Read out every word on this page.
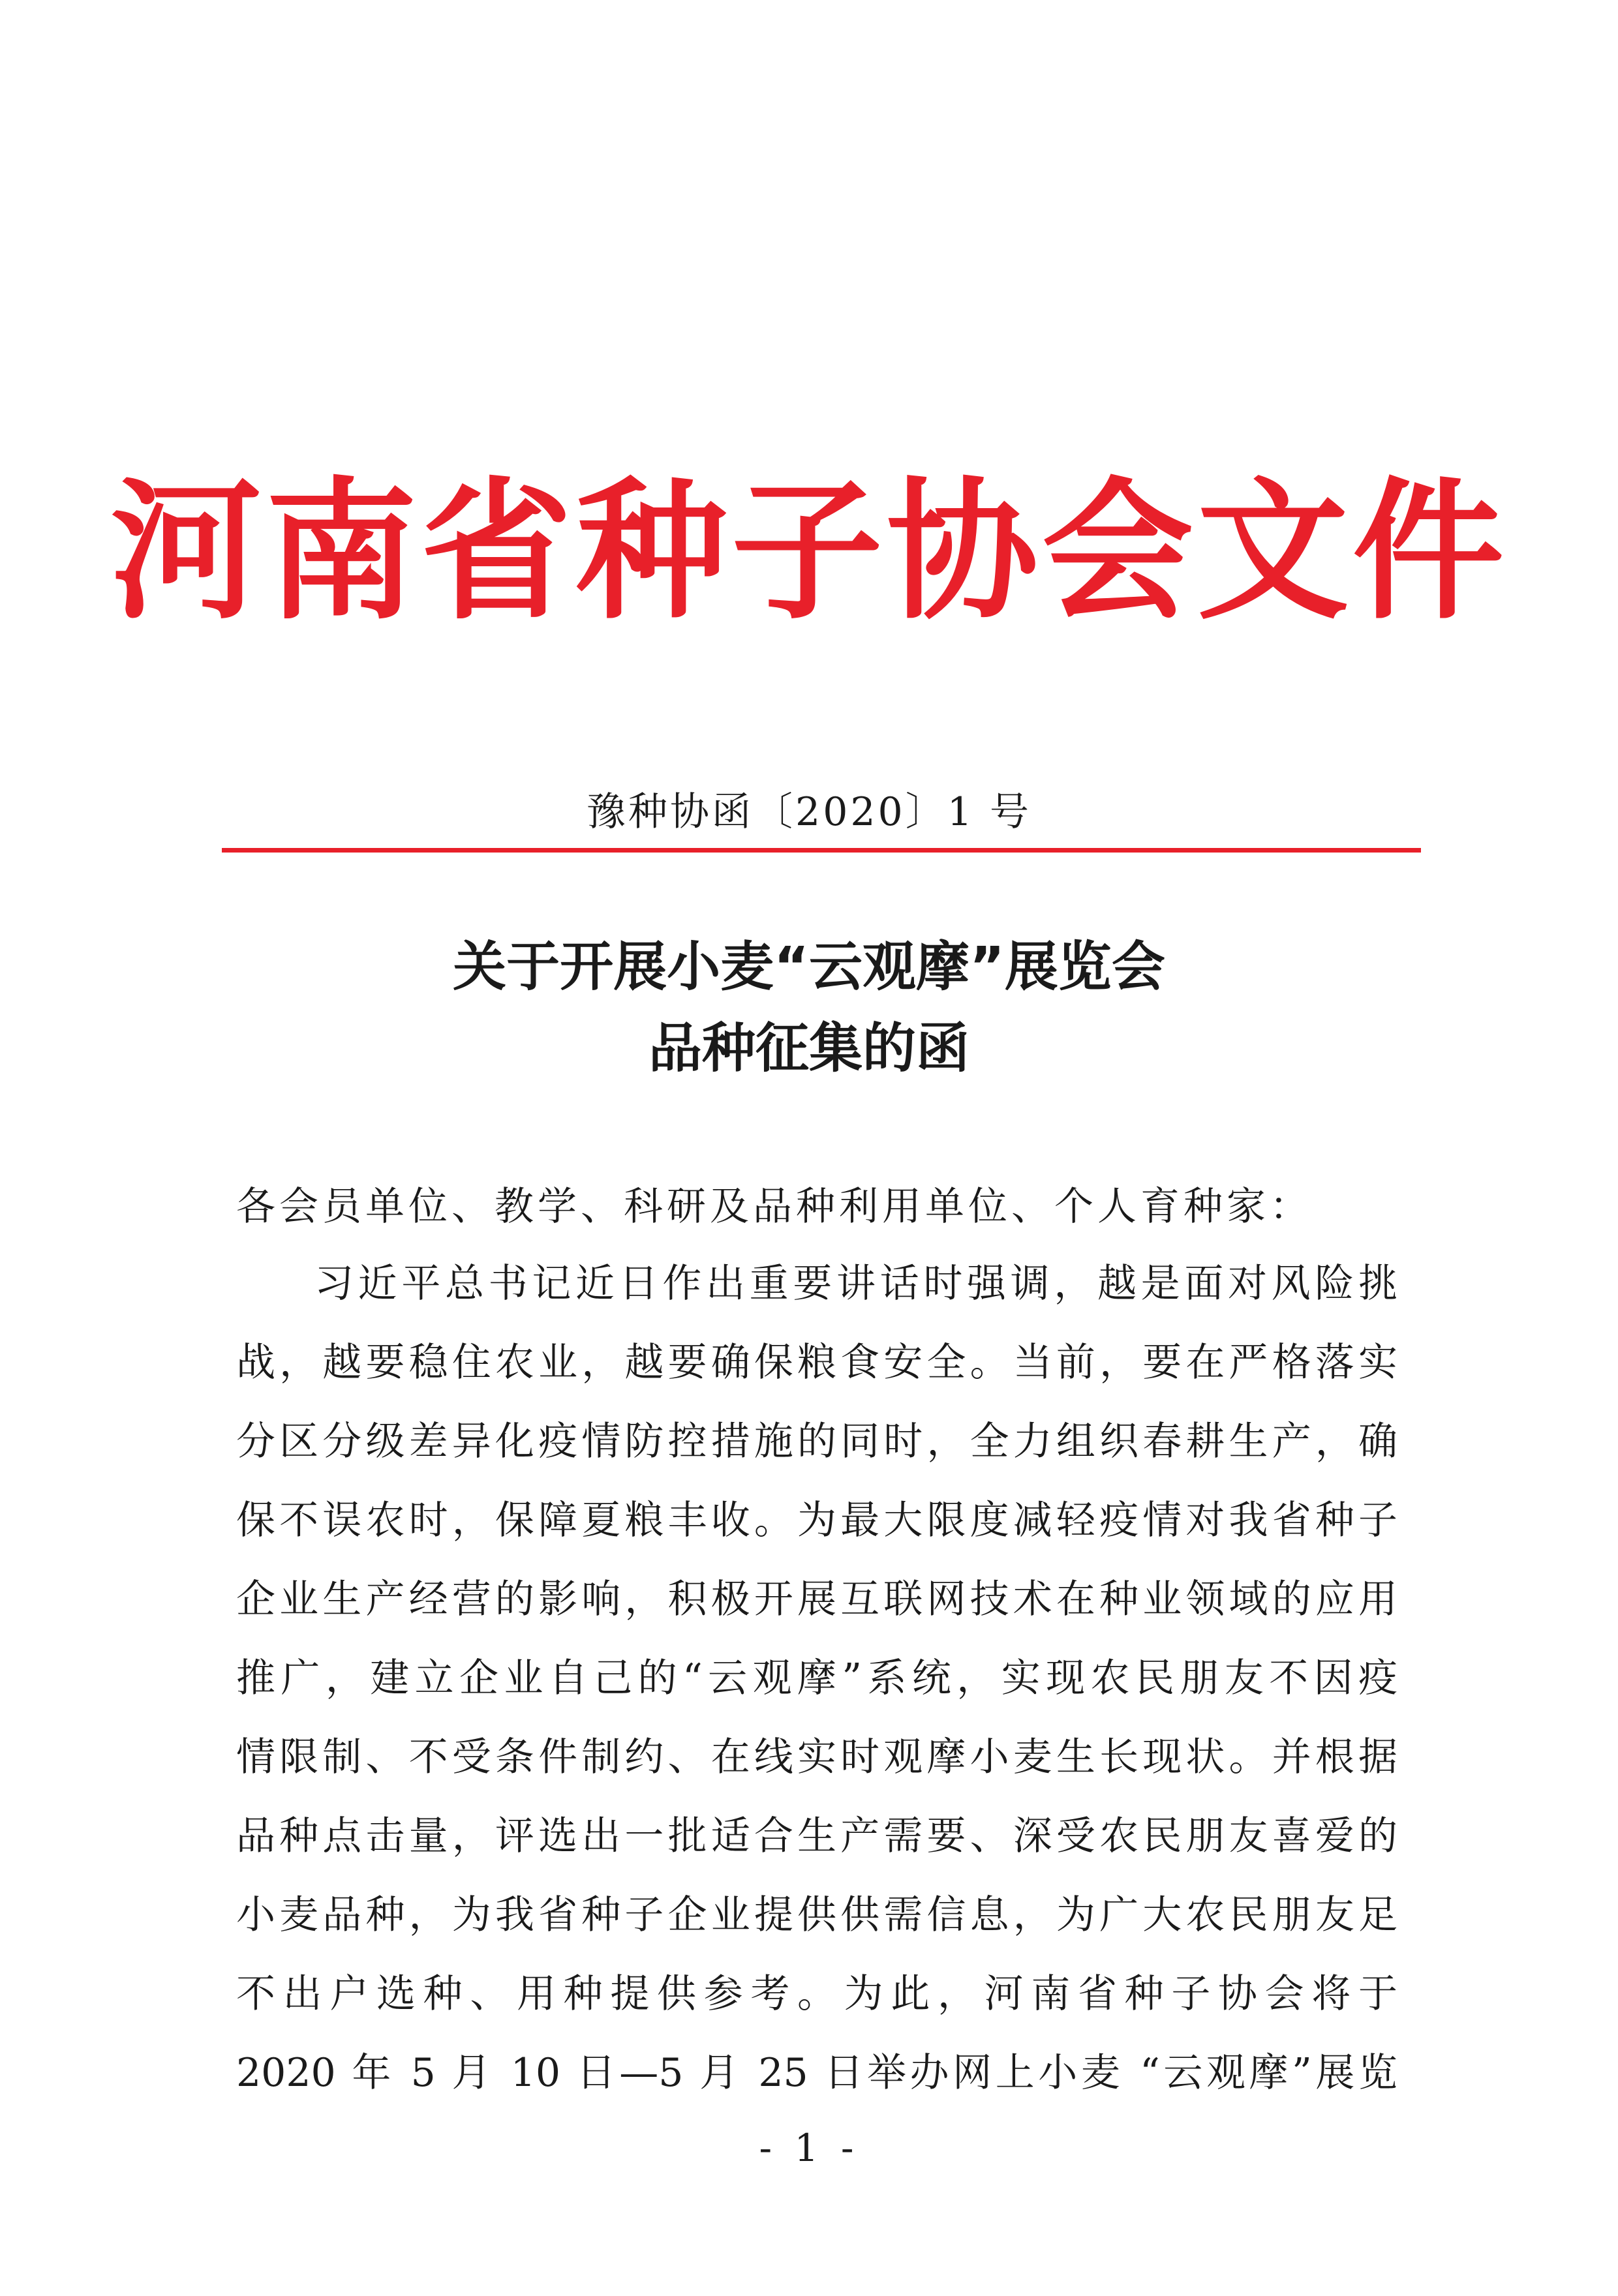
河南省种子协会文件
豫种协函〔2020〕1 号
关于开展小麦“云观摩”展览会
品种征集的函
各会员单位、教学、科研及品种利用单位、个人育种家：
习近平总书记近日作出重要讲话时强调，越是面对风险挑
战，越要稳住农业，越要确保粮食安全。当前，要在严格落实
分区分级差异化疫情防控措施的同时，全力组织春耕生产，确
保不误农时，保障夏粮丰收。为最大限度减轻疫情对我省种子
企业生产经营的影响，积极开展互联网技术在种业领域的应用
推广，建立企业自己的“云观摩”系统，实现农民朋友不因疫
情限制、不受条件制约、在线实时观摩小麦生长现状。并根据
品种点击量，评选出一批适合生产需要、深受农民朋友喜爱的
小麦品种，为我省种子企业提供供需信息，为广大农民朋友足
不出户选种、用种提供参考。为此，河南省种子协会将于
2020 年 5 月 10 日—5 月 25 日举办网上小麦 “云观摩”展览
- 1 -
